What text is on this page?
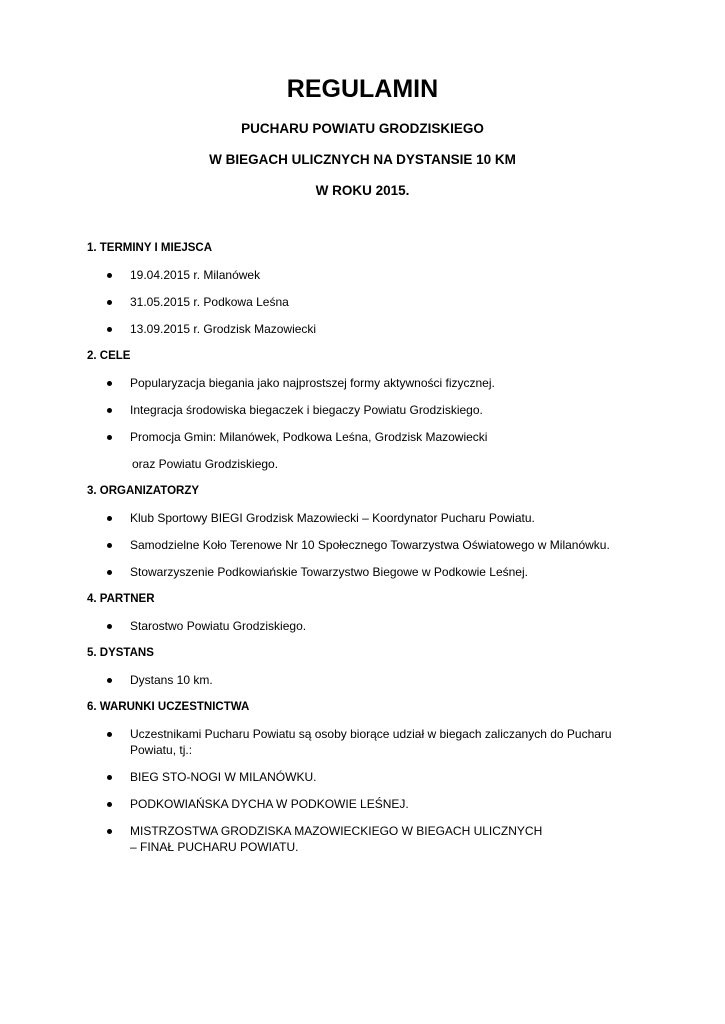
REGULAMIN
PUCHARU POWIATU GRODZISKIEGO
W BIEGACH ULICZNYCH NA DYSTANSIE 10 KM
W ROKU 2015.
1. TERMINY I MIEJSCA
19.04.2015 r. Milanówek
31.05.2015 r. Podkowa Leśna
13.09.2015 r. Grodzisk Mazowiecki
2. CELE
Popularyzacja biegania jako najprostszej formy aktywności fizycznej.
Integracja środowiska biegaczek i biegaczy Powiatu Grodziskiego.
Promocja Gmin: Milanówek, Podkowa Leśna, Grodzisk Mazowiecki
oraz Powiatu Grodziskiego.
3. ORGANIZATORZY
Klub Sportowy BIEGI Grodzisk Mazowiecki – Koordynator Pucharu Powiatu.
Samodzielne Koło Terenowe Nr 10 Społecznego Towarzystwa Oświatowego w Milanówku.
Stowarzyszenie Podkowiańskie Towarzystwo Biegowe w Podkowie Leśnej.
4. PARTNER
Starostwo Powiatu Grodziskiego.
5. DYSTANS
Dystans 10 km.
6. WARUNKI UCZESTNICTWA
Uczestnikami Pucharu Powiatu są osoby biorące udział w biegach zaliczanych do Pucharu
Powiatu, tj.:
BIEG STO-NOGI W MILANÓWKU.
PODKOWIAŃSKA DYCHA W PODKOWIE LEŚNEJ.
MISTRZOSTWA GRODZISKA MAZOWIECKIEGO W BIEGACH ULICZNYCH
– FINAŁ PUCHARU POWIATU.
